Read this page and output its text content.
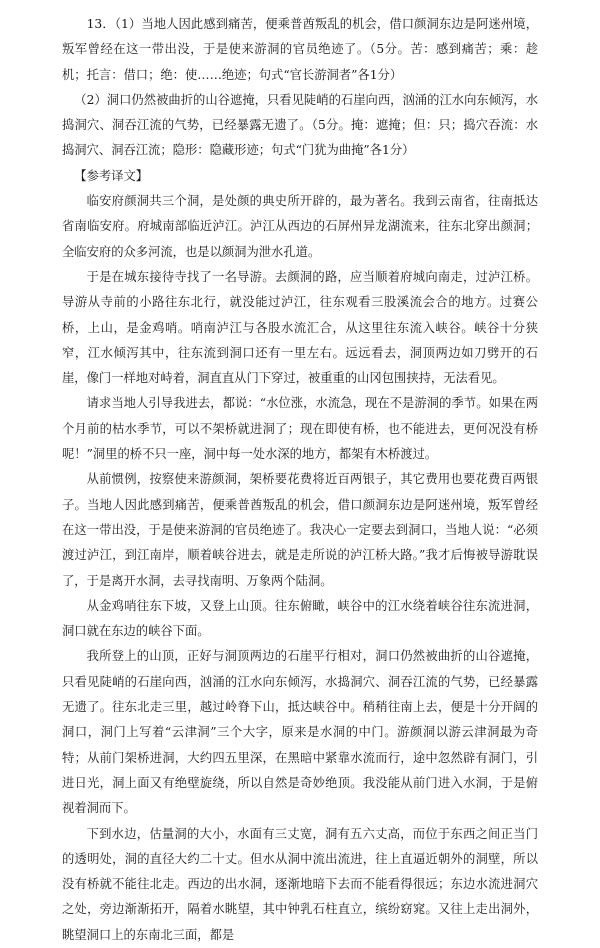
13．（1）当地人因此感到痛苦，便乘普酋叛乱的机会，借口颜洞东边是阿迷州境，叛军曾经在这一带出没，于是使来游洞的官员绝迹了。（5分。苦：感到痛苦；乘：趁机；托言：借口；绝：使……绝迹；句式“官长游洞者”各1分）

（2）洞口仍然被曲折的山谷遮掩，只看见陡峭的石崖向西，汹涌的江水向东倾泻，水捣洞穴、洞吞江流的气势，已经暴露无遗了。（5分。掩：遮掩；但：只；捣穴吞流：水捣洞穴、洞吞江流；隐形：隐藏形迹；句式“门犹为曲掩”各1分）

【参考译文】

临安府颜洞共三个洞，是处颜的典史所开辟的，最为著名。我到云南省，往南抵达省南临安府。府城南部临近泸江。泸江从西边的石屏州异龙湖流来，往东北穿出颜洞；全临安府的众多河流，也是以颜洞为泄水孔道。

于是在城东接待寺找了一名导游。去颜洞的路，应当顺着府城向南走，过泸江桥。导游从寺前的小路往东北行，就没能过泸江，往东观看三股溪流会合的地方。过赛公桥，上山，是金鸡哨。哨南泸江与各股水流汇合，从这里往东流入峡谷。峡谷十分狭窄，江水倾泻其中，往东流到洞口还有一里左右。远远看去，洞顶两边如刀劈开的石崖，像门一样地对峙着，洞直直从门下穿过，被重重的山冈包围挟持，无法看见。

请求当地人引导我进去，都说：“水位涨，水流急，现在不是游洞的季节。如果在两个月前的枯水季节，可以不架桥就进洞了；现在即使有桥，也不能进去，更何况没有桥呢！”洞里的桥不只一座，洞中每一处水深的地方，都架有木桥渡过。

从前惯例，按察使来游颜洞，架桥要花费将近百两银子，其它费用也要花费百两银子。当地人因此感到痛苦，便乘普酋叛乱的机会，借口颜洞东边是阿迷州境，叛军曾经在这一带出没，于是使来游洞的官员绝迹了。我决心一定要去到洞口，当地人说：“必须渡过泸江，到江南岸，顺着峡谷进去，就是走所说的泸江桥大路。”我才后悔被导游耽误了，于是离开水洞，去寻找南明、万象两个陆洞。

从金鸡哨往东下坡，又登上山顶。往东俯瞰，峡谷中的江水绕着峡谷往东流进洞，洞口就在东边的峡谷下面。

我所登上的山顶，正好与洞顶两边的石崖平行相对，洞口仍然被曲折的山谷遮掩，只看见陡峭的石崖向西，汹涌的江水向东倾泻，水捣洞穴、洞吞江流的气势，已经暴露无遗了。往东北走三里，越过岭脊下山，抵达峡谷中。稍稍往南上去，便是十分开阔的洞口，洞门上写着“云津洞”三个大字，原来是水洞的中门。游颜洞以游云津洞最为奇特；从前门架桥进洞，大约四五里深，在黑暗中紧靠水流而行，途中忽然辟有洞门，引进日光，洞上面又有绝壁旋绕，所以自然是奇妙绝顶。我没能从前门进入水洞，于是俯视着洞而下。

下到水边，估量洞的大小，水面有三丈宽，洞有五六丈高，而位于东西之间正当门的透明处，洞的直径大约二十丈。但水从洞中流出流进，往上直逼近朝外的洞壁，所以没有桥就不能往北走。西边的出水洞，逐渐地暗下去而不能看得很远；东边水流进洞穴之处，旁边渐渐拓开，隔着水眺望，其中钟乳石柱直立，缤纷窈窕。又往上走出洞外，眺望洞口上的东南北三面，都是
